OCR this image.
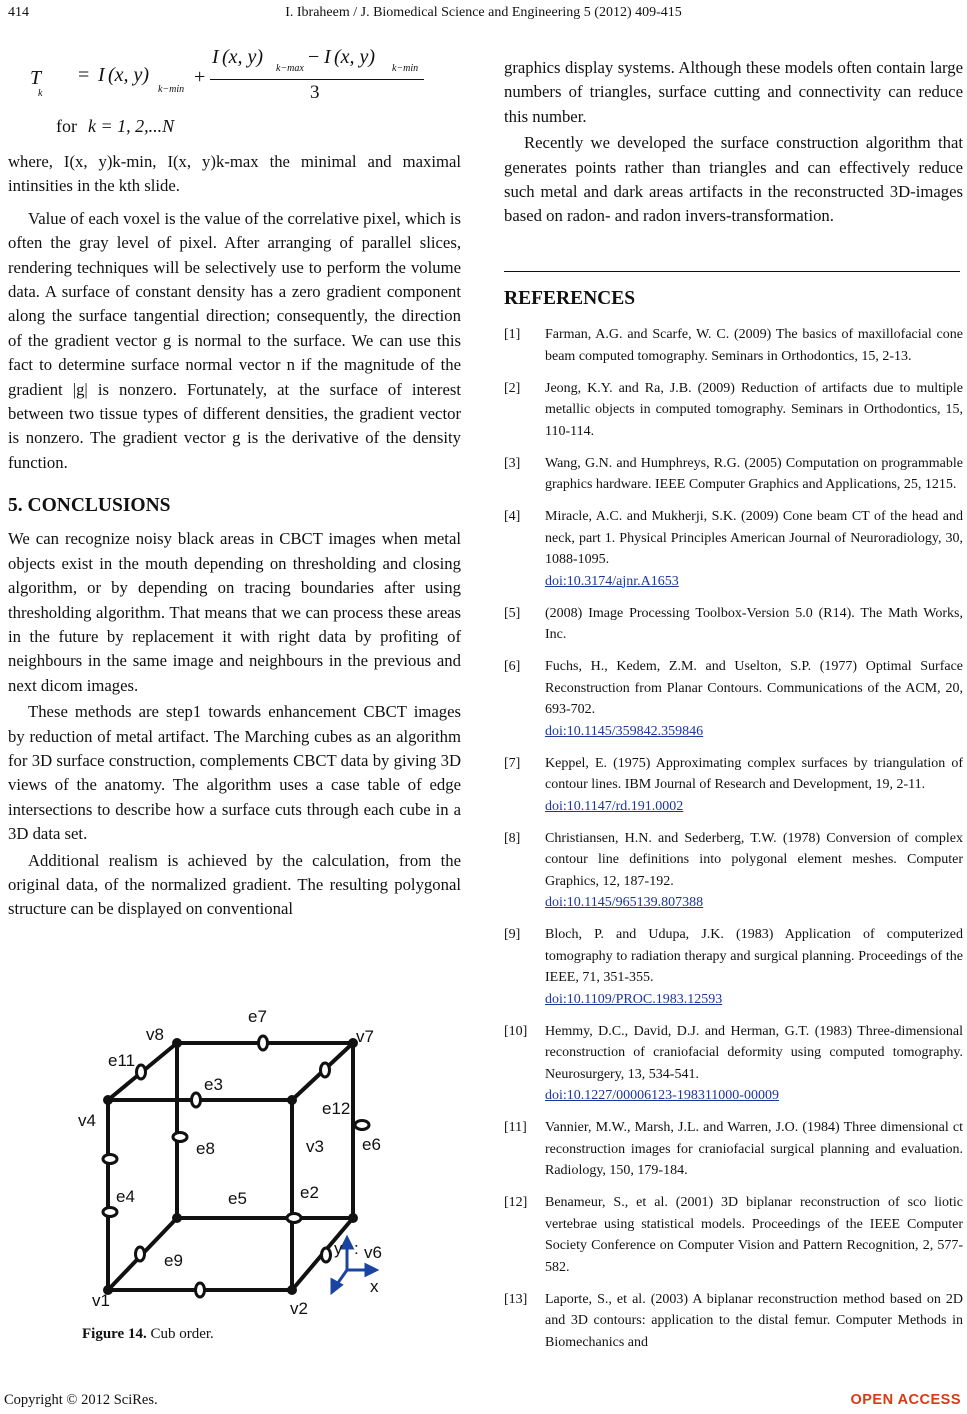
414	I. Ibraheem / J. Biomedical Science and Engineering 5 (2012) 409-415
I (x, y)
k−max
− I (x, y)
k−min
3
T
k
= I (x, y)
k−min
+
for k = 1, 2,...N

where, I(x, y)k-min, I(x, y)k-max the minimal and maximal intinsities in the kth slide.

Value of each voxel is the value of the correlative pixel, which is often the gray level of pixel. After arranging of parallel slices, rendering techniques will be selectively use to perform the volume data. A surface of constant density has a zero gradient component along the surface tangential direction; consequently, the direction of the gradient vector g is normal to the surface. We can use this fact to determine surface normal vector n if the magnitude of the gradient |g| is nonzero. Fortunately, at the surface of interest between two tissue types of different densities, the gradient vector is nonzero. The gradient vector g is the derivative of the density function.

5. CONCLUSIONS

We can recognize noisy black areas in CBCT images when metal objects exist in the mouth depending on thresholding and closing algorithm, or by depending on tracing boundaries after using thresholding algorithm. That means that we can process these areas in the future by replacement it with right data by profiting of neighbours in the same image and neighbours in the previous and next dicom images.

These methods are step1 towards enhancement CBCT images by reduction of metal artifact. The Marching cubes as an algorithm for 3D surface construction, complements CBCT data by giving 3D views of the anatomy. The algorithm uses a case table of edge intersections to describe how a surface cuts through each cube in a 3D data set.

Additional realism is achieved by the calculation, from the original data, of the normalized gradient. The resulting polygonal structure can be displayed on conventional

v1	v2
v3
v4
v6
v7
v8
e2
e3
e4	e5
e6
e7
e8
e9
e11
e12
y :
x
Figure 14. Cub order.

graphics display systems. Although these models often contain large numbers of triangles, surface cutting and connectivity can reduce this number.

Recently we developed the surface construction algorithm that generates points rather than triangles and can effectively reduce such metal and dark areas artifacts in the reconstructed 3D-images based on radon- and radon invers-transformation.

REFERENCES
[1] Farman, A.G. and Scarfe, W. C. (2009) The basics of maxillofacial cone beam computed tomography. Seminars in Orthodontics, 15, 2-13.
[2] Jeong, K.Y. and Ra, J.B. (2009) Reduction of artifacts due to multiple metallic objects in computed tomography. Seminars in Orthodontics, 15, 110-114.
[3] Wang, G.N. and Humphreys, R.G. (2005) Computation on programmable graphics hardware. IEEE Computer Graphics and Applications, 25, 1215.
[4] Miracle, A.C. and Mukherji, S.K. (2009) Cone beam CT of the head and neck, part 1. Physical Principles American Journal of Neuroradiology, 30, 1088-1095.
doi:10.3174/ajnr.A1653
[5] (2008) Image Processing Toolbox-Version 5.0 (R14). The Math Works, Inc.
[6] Fuchs, H., Kedem, Z.M. and Uselton, S.P. (1977) Optimal Surface Reconstruction from Planar Contours. Communications of the ACM, 20, 693-702.
doi:10.1145/359842.359846
[7] Keppel, E. (1975) Approximating complex surfaces by triangulation of contour lines. IBM Journal of Research and Development, 19, 2-11.
doi:10.1147/rd.191.0002
[8] Christiansen, H.N. and Sederberg, T.W. (1978) Conversion of complex contour line definitions into polygonal element meshes. Computer Graphics, 12, 187-192.
doi:10.1145/965139.807388
[9] Bloch, P. and Udupa, J.K. (1983) Application of computerized tomography to radiation therapy and surgical planning. Proceedings of the IEEE, 71, 351-355.
doi:10.1109/PROC.1983.12593
[10] Hemmy, D.C., David, D.J. and Herman, G.T. (1983) Three-dimensional reconstruction of craniofacial deformity using computed tomography. Neurosurgery, 13, 534-541.
doi:10.1227/00006123-198311000-00009
[11] Vannier, M.W., Marsh, J.L. and Warren, J.O. (1984) Three dimensional ct reconstruction images for craniofacial surgical planning and evaluation. Radiology, 150, 179-184.
[12] Benameur, S., et al. (2001) 3D biplanar reconstruction of sco liotic vertebrae using statistical models. Proceedings of the IEEE Computer Society Conference on Computer Vision and Pattern Recognition, 2, 577-582.
[13] Laporte, S., et al. (2003) A biplanar reconstruction method based on 2D and 3D contours: application to the distal femur. Computer Methods in Biomechanics and
Copyright © 2012 SciRes.	OPEN ACCESS
